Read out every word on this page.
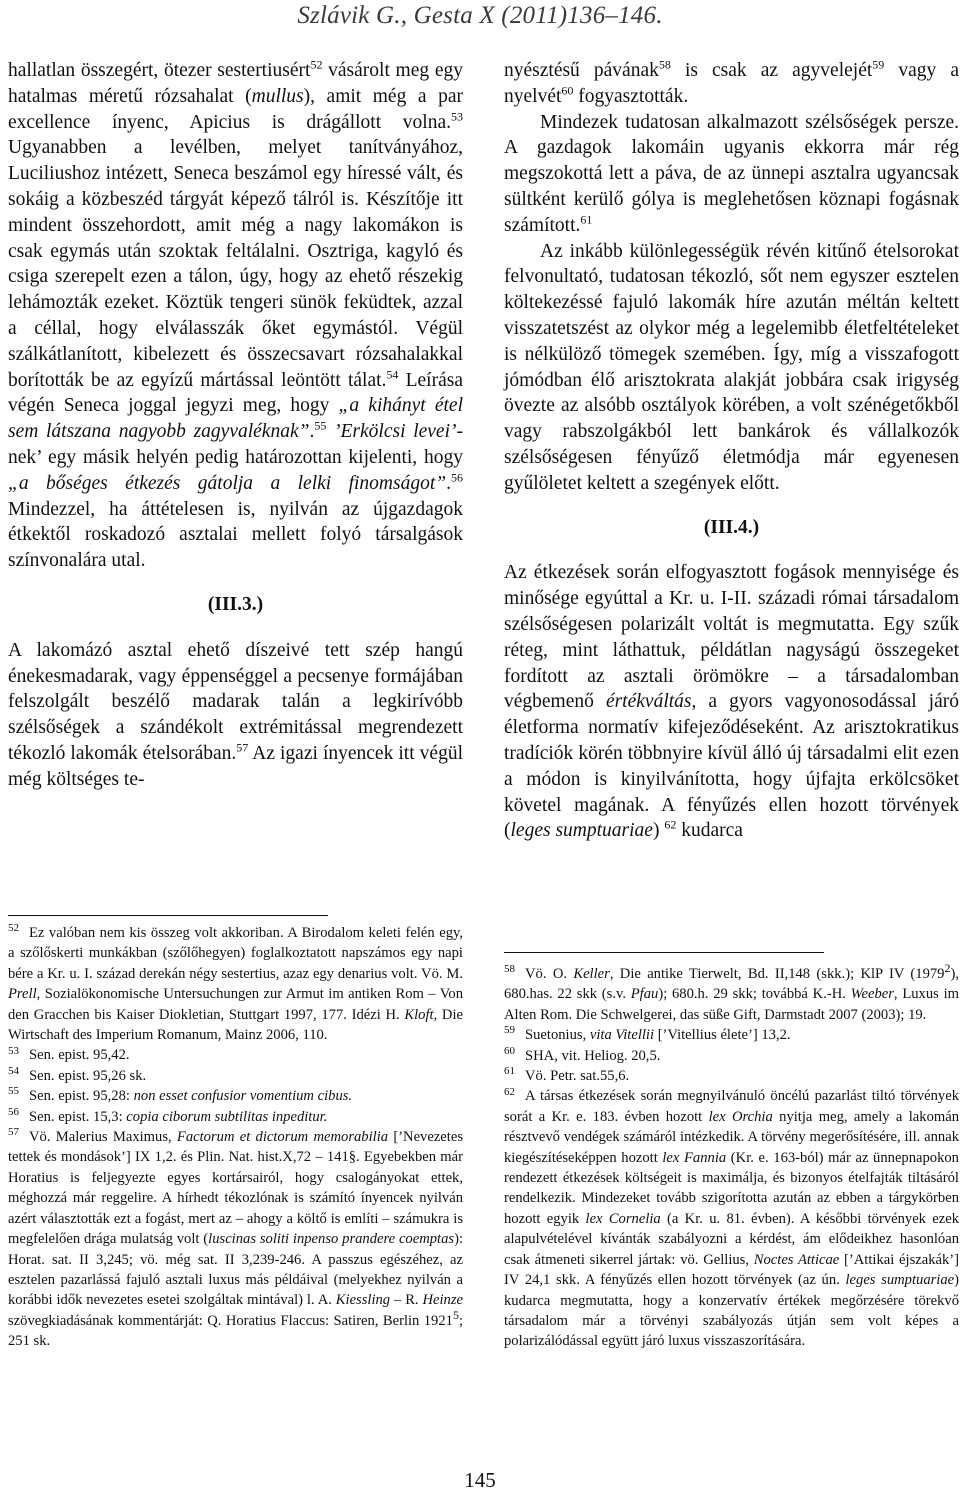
Szlávik G., Gesta X (2011)136–146.

hallatlan összegért, ötezer sestertiusért$^{52}$ vásárolt meg egy hatalmas méretű rózsahalat (mullus), amit még a par excellence ínyenc, Apicius is drágállott volna.$^{53}$ Ugyanabben a levélben, melyet tanítványához, Luciliushoz intézett, Seneca beszámol egy híressé vált, és sokáig a közbeszéd tárgyát képező tálról is. Készítője itt mindent összehordott, amit még a nagy lakomákon is csak egymás után szoktak feltálalni. Osztriga, kagyló és csiga szerepelt ezen a tálon, úgy, hogy az ehető részekig lehámozták ezeket. Köztük tengeri sünök feküdtek, azzal a céllal, hogy elválasszák őket egymástól. Végül szálkátlanított, kibelezett és összecsavart rózsahalakkal borították be az egyízű mártással leöntött tálat.$^{54}$ Leírása végén Seneca joggal jegyzi meg, hogy „a kihányt étel sem látszana nagyobb zagyvaléknak”.$^{55}$ ’Erkölcsi levei’-nek’ egy másik helyén pedig határozottan kijelenti, hogy „a bőséges étkezés gátolja a lelki finomságot”.$^{56}$ Mindezzel, ha áttételesen is, nyilván az újgazdagok étkektől roskadozó asztalai mellett folyó társalgások színvonalára utal.

(III.3.)

A lakomázó asztal ehető díszeivé tett szép hangú énekesmadarak, vagy éppenséggel a pecsenye formájában felszolgált beszélő madarak talán a legkirívóbb szélsőségek a szándékolt extrémitással megrendezett tékozló lakomák ételsorában.$^{57}$ Az igazi ínyencek itt végül még költséges te-

nyésztésű pávának$^{58}$ is csak az agyvelejét$^{59}$ vagy a nyelvét$^{60}$ fogyasztották.

Mindezek tudatosan alkalmazott szélsőségek persze. A gazdagok lakomáin ugyanis ekkorra már rég megszokottá lett a páva, de az ünnepi asztalra ugyancsak sültként kerülő gólya is meglehetősen köznapi fogásnak számított.$^{61}$

Az inkább különlegességük révén kitűnő ételsorokat felvonultató, tudatosan tékozló, sőt nem egyszer esztelen költekezéssé fajuló lakomák híre azután méltán keltett visszatetszést az olykor még a legelemibb életfeltételeket is nélkülöző tömegek szemében. Így, míg a visszafogott jómódban élő arisztokrata alakját jobbára csak irigység övezte az alsóbb osztályok körében, a volt szénégetőkből vagy rabszolgákból lett bankárok és vállalkozók szélsőségesen fényűző életmódja már egyenesen gyűlöletet keltett a szegények előtt.

(III.4.)

Az étkezések során elfogyasztott fogások mennyisége és minősége egyúttal a Kr. u. I-II. századi római társadalom szélsőségesen polarizált voltát is megmutatta. Egy szűk réteg, mint láthattuk, példátlan nagyságú összegeket fordított az asztali örömökre – a társadalomban végbemenő értékváltás, a gyors vagyonosodással járó életforma normatív kifejeződéseként. Az arisztokratikus tradíciók körén többnyire kívül álló új társadalmi elit ezen a módon is kinyilvánította, hogy újfajta erkölcsöket követel magának. A fényűzés ellen hozott törvények (leges sumptuariae) $^{62}$ kudarca

$^{52}$ Ez valóban nem kis összeg volt akkoriban. A Birodalom keleti felén egy, a szőlőskerti munkákban (szőlőhegyen) foglalkoztatott napszámos egy napi bére a Kr. u. I. század derekán négy sestertius, azaz egy denarius volt. Vö. M. Prell, Sozialökonomische Untersuchungen zur Armut im antiken Rom – Von den Gracchen bis Kaiser Diokletian, Stuttgart 1997, 177. Idézi H. Kloft, Die Wirtschaft des Imperium Romanum, Mainz 2006, 110.

$^{53}$ Sen. epist. 95,42.

$^{54}$ Sen. epist. 95,26 sk.

$^{55}$ Sen. epist. 95,28: non esset confusior vomentium cibus.

$^{56}$ Sen. epist. 15,3: copia ciborum subtilitas inpeditur.

$^{57}$ Vö. Malerius Maximus, Factorum et dictorum memorabilia [’Nevezetes tettek és mondások’] IX 1,2. és Plin. Nat. hist.X,72 – 141§. Egyebekben már Horatius is feljegyezte egyes kortársairól, hogy csalogányokat ettek, méghozzá már reggelire. A hírhedt tékozlónak is számító ínyencek nyilván azért választották ezt a fogást, mert az – ahogy a költő is említi – számukra is megfelelően drága mulatság volt (luscinas soliti inpenso prandere coemptas): Horat. sat. II 3,245; vö. még sat. II 3,239-246. A passzus egészéhez, az esztelen pazarlássá fajuló asztali luxus más példáival (melyekhez nyilván a korábbi idők nevezetes esetei szolgáltak mintával) l. A. Kiessling – R. Heinze szövegkiadásának kommentárját: Q. Horatius Flaccus: Satiren, Berlin 1921$^5$; 251 sk.

$^{58}$ Vö. O. Keller, Die antike Tierwelt, Bd. II,148 (skk.); KlP IV (1979$^2$), 680.has. 22 skk (s.v. Pfau); 680.h. 29 skk; továbbá K.-H. Weeber, Luxus im Alten Rom. Die Schwelgerei, das süße Gift, Darmstadt 2007 (2003); 19.

$^{59}$ Suetonius, vita Vitellii [’Vitellius élete’] 13,2.

$^{60}$ SHA, vit. Heliog. 20,5.

$^{61}$ Vö. Petr. sat.55,6.

$^{62}$ A társas étkezések során megnyilvánuló öncélú pazarlást tiltó törvények sorát a Kr. e. 183. évben hozott lex Orchia nyitja meg, amely a lakomán résztvevő vendégek számáról intézkedik. A törvény megerősítésére, ill. annak kiegészítéseképpen hozott lex Fannia (Kr. e. 163-ból) már az ünnepnapokon rendezett étkezések költségeit is maximálja, és bizonyos ételfajták tiltásáról rendelkezik. Mindezeket tovább szigorította azután az ebben a tárgykörben hozott egyik lex Cornelia (a Kr. u. 81. évben). A későbbi törvények ezek alapulvételével kívánták szabályozni a kérdést, ám elődeikhez hasonlóan csak átmeneti sikerrel jártak: vö. Gellius, Noctes Atticae [’Attikai éjszakák’] IV 24,1 skk. A fényűzés ellen hozott törvények (az ún. leges sumptuariae) kudarca megmutatta, hogy a konzervatív értékek megőrzésére törekvő társadalom már a törvényi szabályozás útján sem volt képes a polarizálódással együtt járó luxus visszaszorítására.

145
